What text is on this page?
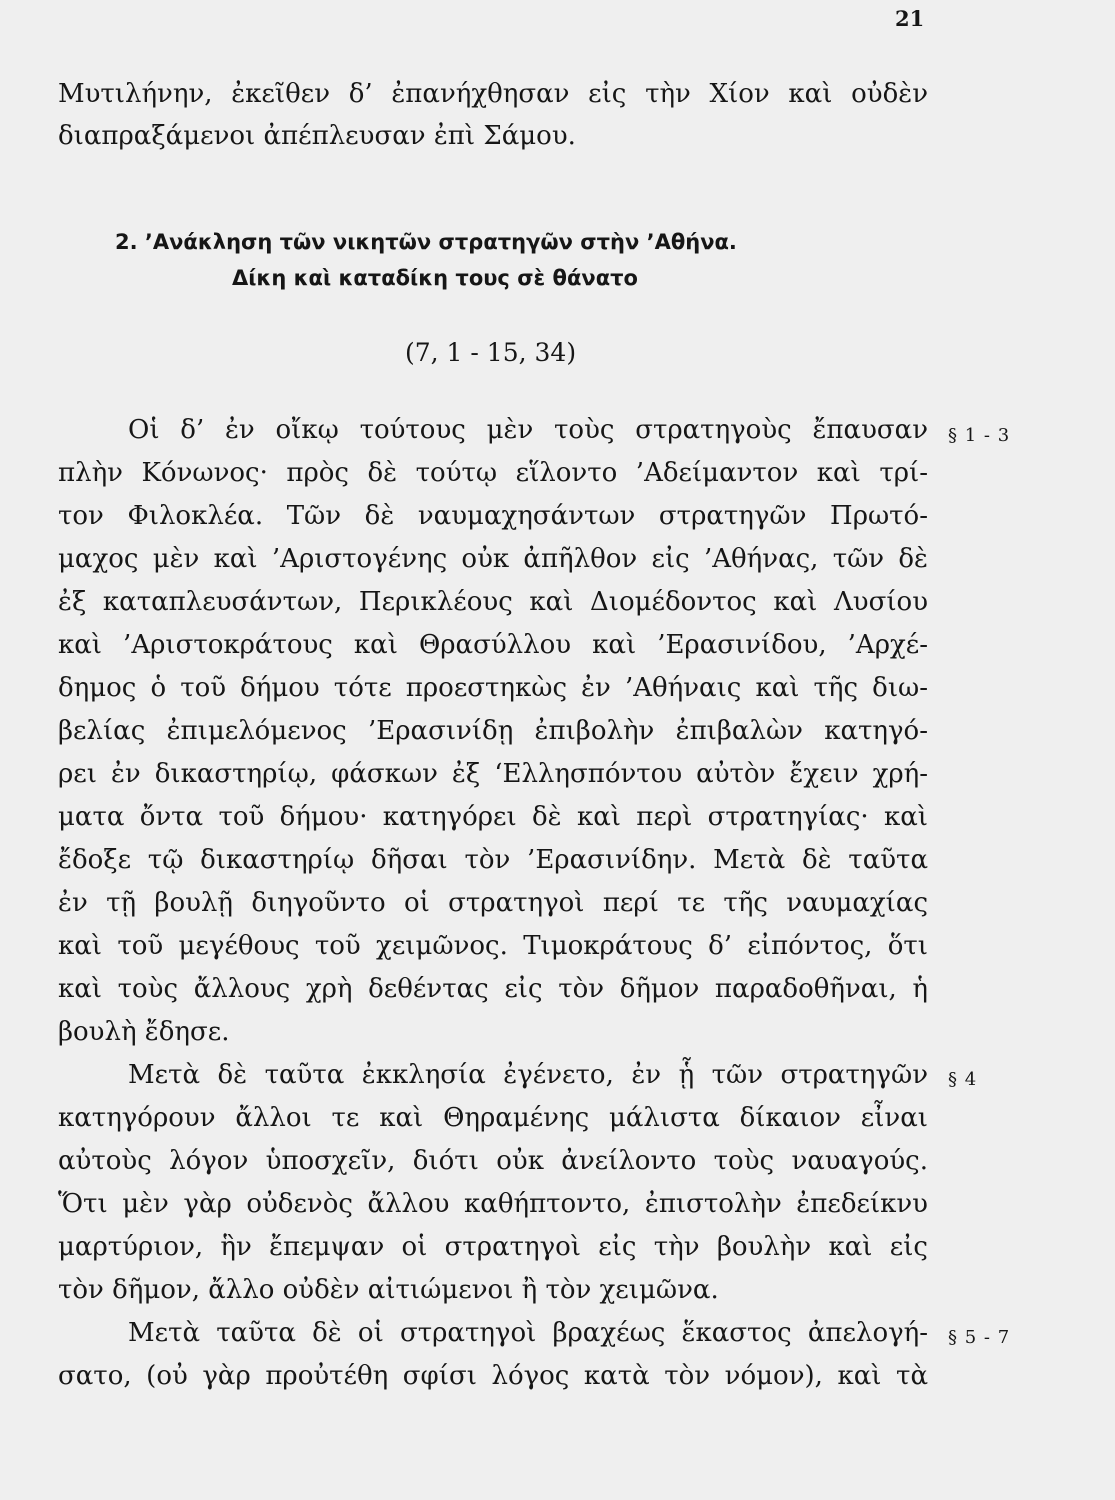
21
Μυτιλήνην, ἐκεῖθεν δ’ ἐπανήχθησαν εἰς τὴν Χίον καὶ οὐδὲν
διαπραξάμενοι ἀπέπλευσαν ἐπὶ Σάμου.
2. ’Ανάκληση τῶν νικητῶν στρατηγῶν στὴν ’Αθήνα.
Δίκη καὶ καταδίκη τους σὲ θάνατο
(7, 1 - 15, 34)
Οἱ δ’ ἐν οἴκῳ τούτους μὲν τοὺς στρατηγοὺς ἔπαυσαν
πλὴν Κόνωνος· πρὸς δὲ τούτῳ εἵλοντο ’Αδείμαντον καὶ τρί-
τον Φιλοκλέα. Τῶν δὲ ναυμαχησάντων στρατηγῶν Πρωτό-
μαχος μὲν καὶ ’Αριστογένης οὐκ ἀπῆλθον εἰς ’Αθήνας, τῶν δὲ
ἐξ καταπλευσάντων, Περικλέους καὶ Διομέδοντος καὶ Λυσίου
καὶ ’Αριστοκράτους καὶ Θρασύλλου καὶ ’Ερασινίδου, ’Αρχέ-
δημος ὁ τοῦ δήμου τότε προεστηκὼς ἐν ’Αθήναις καὶ τῆς διω-
βελίας ἐπιμελόμενος ’Ερασινίδῃ ἐπιβολὴν ἐπιβαλὼν κατηγό-
ρει ἐν δικαστηρίῳ, φάσκων ἐξ ‘Ελλησπόντου αὐτὸν ἔχειν χρή-
ματα ὄντα τοῦ δήμου· κατηγόρει δὲ καὶ περὶ στρατηγίας· καὶ
ἔδοξε τῷ δικαστηρίῳ δῆσαι τὸν ’Ερασινίδην. Μετὰ δὲ ταῦτα
ἐν τῇ βουλῇ διηγοῦντο οἱ στρατηγοὶ περί τε τῆς ναυμαχίας
καὶ τοῦ μεγέθους τοῦ χειμῶνος. Τιμοκράτους δ’ εἰπόντος, ὅτι
καὶ τοὺς ἄλλους χρὴ δεθέντας εἰς τὸν δῆμον παραδοθῆναι, ἡ
βουλὴ ἔδησε.
Μετὰ δὲ ταῦτα ἐκκλησία ἐγένετο, ἐν ᾗ τῶν στρατηγῶν
κατηγόρουν ἄλλοι τε καὶ Θηραμένης μάλιστα δίκαιον εἶναι
αὐτοὺς λόγον ὑποσχεῖν, διότι οὐκ ἀνείλοντο τοὺς ναυαγούς.
Ὅτι μὲν γὰρ οὐδενὸς ἄλλου καθήπτοντο, ἐπιστολὴν ἐπεδείκνυ
μαρτύριον, ἣν ἔπεμψαν οἱ στρατηγοὶ εἰς τὴν βουλὴν καὶ εἰς
τὸν δῆμον, ἄλλο οὐδὲν αἰτιώμενοι ἢ τὸν χειμῶνα.
Μετὰ ταῦτα δὲ οἱ στρατηγοὶ βραχέως ἕκαστος ἀπελογή-
σατο, (οὐ γὰρ προὐτέθη σφίσι λόγος κατὰ τὸν νόμον), καὶ τὰ
§ 1 - 3
§ 4
§ 5 - 7
